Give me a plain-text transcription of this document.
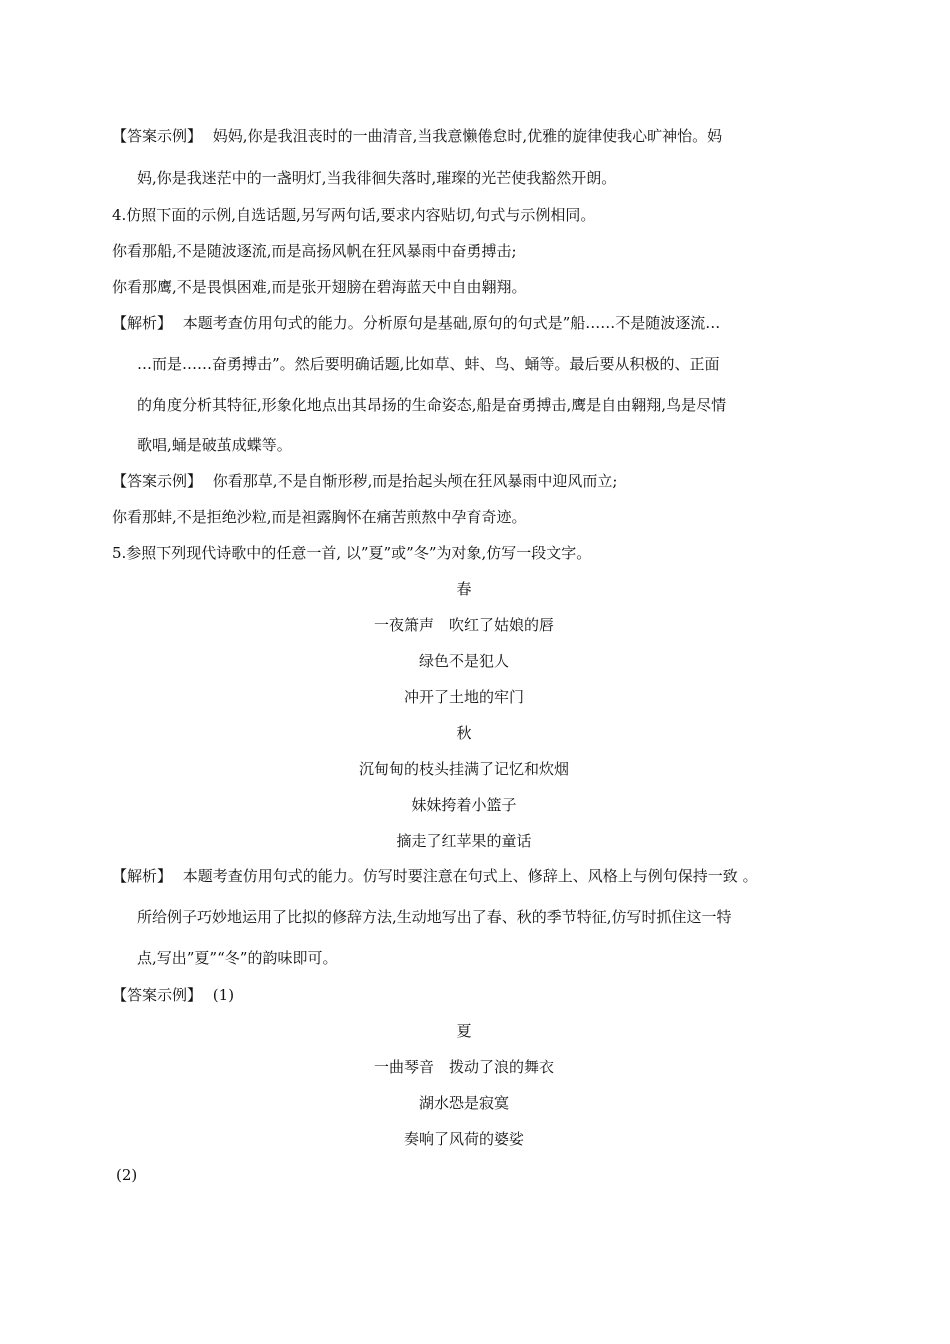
【答案示例】 妈妈,你是我沮丧时的一曲清音,当我意懒倦怠时,优雅的旋律使我心旷神怡。妈
妈,你是我迷茫中的一盏明灯,当我徘徊失落时,璀璨的光芒使我豁然开朗。
4.仿照下面的示例,自选话题,另写两句话,要求内容贴切,句式与示例相同。
你看那船,不是随波逐流,而是高扬风帆在狂风暴雨中奋勇搏击;
你看那鹰,不是畏惧困难,而是张开翅膀在碧海蓝天中自由翱翔。
【解析】 本题考查仿用句式的能力。分析原句是基础,原句的句式是”船……不是随波逐流…
…而是……奋勇搏击”。然后要明确话题,比如草、蚌、鸟、蛹等。最后要从积极的、正面
的角度分析其特征,形象化地点出其昂扬的生命姿态,船是奋勇搏击,鹰是自由翱翔,鸟是尽情
歌唱,蛹是破茧成蝶等。
【答案示例】 你看那草,不是自惭形秽,而是抬起头颅在狂风暴雨中迎风而立;
你看那蚌,不是拒绝沙粒,而是袒露胸怀在痛苦煎熬中孕育奇迹。
5.参照下列现代诗歌中的任意一首, 以”夏”或”冬”为对象,仿写一段文字。
春
一夜箫声　吹红了姑娘的唇
绿色不是犯人
冲开了土地的牢门
秋
沉甸甸的枝头挂满了记忆和炊烟
妹妹挎着小篮子
摘走了红苹果的童话
【解析】 本题考查仿用句式的能力。仿写时要注意在句式上、修辞上、风格上与例句保持一致 。
所给例子巧妙地运用了比拟的修辞方法,生动地写出了春、秋的季节特征,仿写时抓住这一特
点,写出”夏”“冬”的韵味即可。
【答案示例】 (1)
夏
一曲琴音　拨动了浪的舞衣
湖水恐是寂寞
奏响了风荷的婆娑
(2)
